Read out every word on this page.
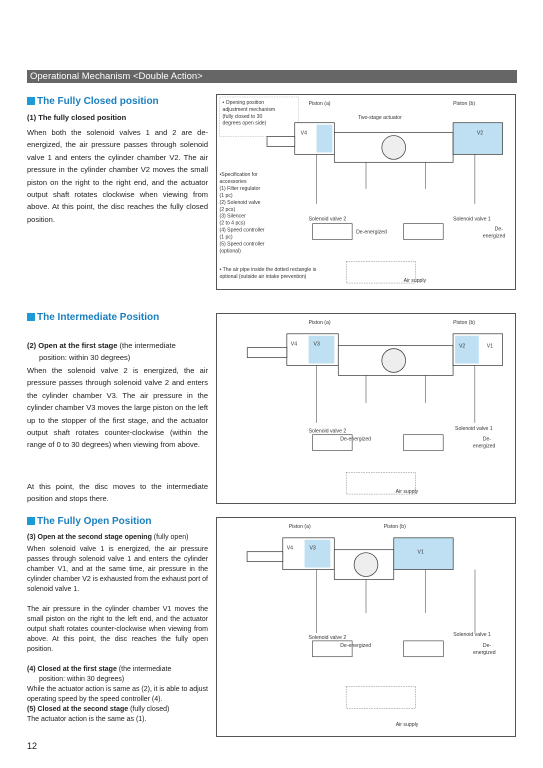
Operational Mechanism <Double Action>
The Fully Closed position
(1) The fully closed position
When both the solenoid valves 1 and 2 are de-energized, the air pressure passes through solenoid valve 1 and enters the cylinder chamber V2. The air pressure in the cylinder chamber V2 moves the small piston on the right to the right end, and the actuator output shaft rotates clockwise when viewing from above. At this point, the disc reaches the fully closed position.
The Intermediate Position
(2) Open at the first stage (the intermediate
position: within 30 degrees)
When the solenoid valve 2 is energized, the air pressure passes through solenoid valve 2 and enters the cylinder chamber V3. The air pressure in the cylinder chamber V3 moves the large piston on the left up to the stopper of the first stage, and the actuator output shaft rotates counter-clockwise (within the range of 0 to 30 degrees) when viewing from above.
At this point, the disc moves to the intermediate position and stops there.
The Fully Open Position
(3) Open at the second stage opening (fully open)
When solenoid valve 1 is energized, the air pressure passes through solenoid valve 1 and enters the cylinder chamber V1, and at the same time, air pressure in the cylinder chamber V2 is exhausted from the exhaust port of solenoid valve 1.
The air pressure in the cylinder chamber V1 moves the small piston on the right to the left end, and the actuator output shaft rotates counter-clockwise when viewing from above. At this point, the disc reaches the fully open position.
(4) Closed at the first stage (the intermediate
position: within 30 degrees)
While the actuator action is same as (2), it is able to adjust operating speed by the speed controller (4).
(5) Closed at the second stage (fully closed)
The actuator action is the same as (1).
• Opening position
adjustment mechanism
(fully closed to 30
degrees open side)
Piston (a)	Piston (b)
Two-stage actuator
V4	V2
•Specification for
accessories
(1) Filter regulator
(1 pc)
(2) Solenoid valve
(2 pcs)
(3) Silencer
(2 to 4 pcs)
(4) Speed controller
(1 pc)
(5) Speed controller
(optional)
Solenoid valve 2	Solenoid valve 1
De-energized	De-
energized
• The air pipe inside the dotted rectangle is
optional (outside air intake prevention)
Air supply
Piston (a)	Piston (b)
V4	V3	V2	V1
Solenoid valve 2	Solenoid valve 1
De-energized	De-
energized
Air supply
Piston (a)	Piston (b)
V4	V3
V1
Solenoid valve 2	Solenoid valve 1
De-energized	De-
energized
Air supply
12
